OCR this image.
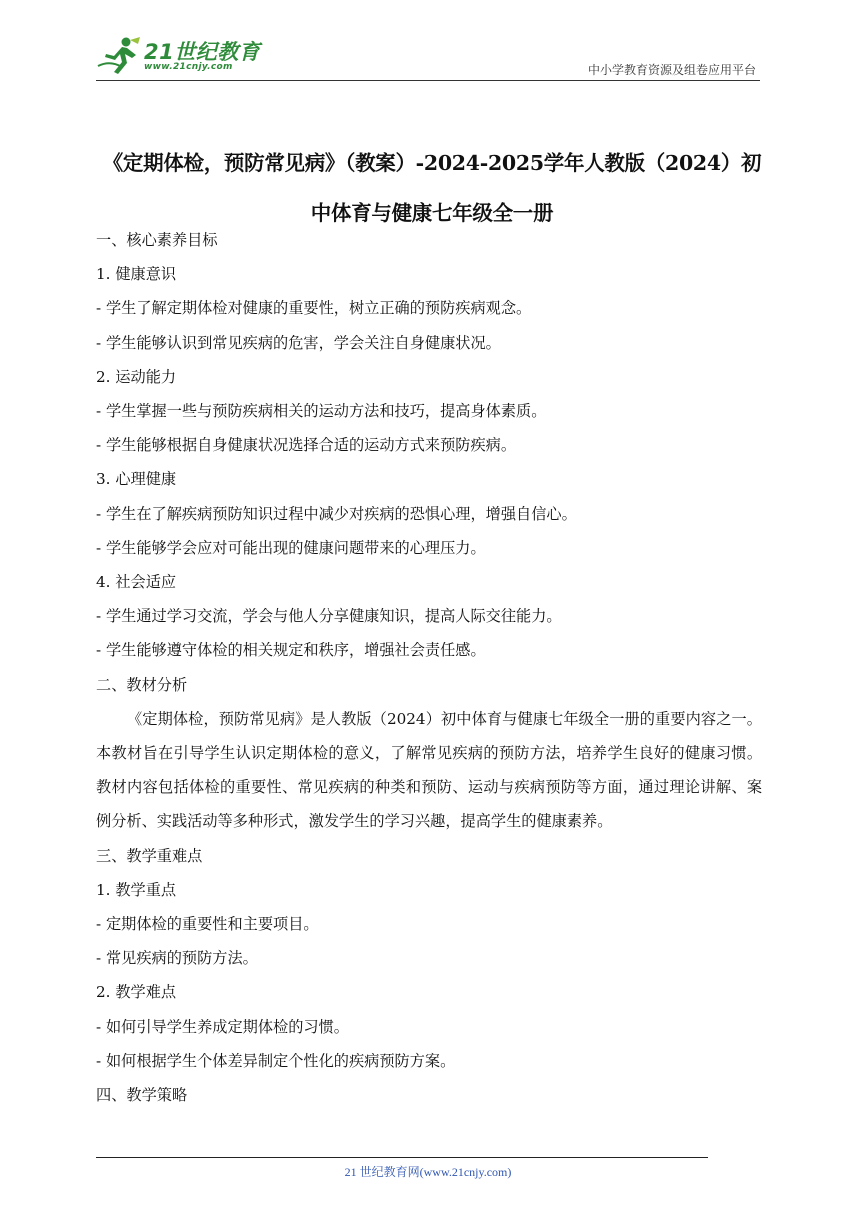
21世纪教育
www.21cnjy.com	中小学教育资源及组卷应用平台
《定期体检，预防常见病》（教案）-2024-2025学年人教版（2024）初中体育与健康七年级全一册
一、核心素养目标
1. 健康意识
- 学生了解定期体检对健康的重要性，树立正确的预防疾病观念。
- 学生能够认识到常见疾病的危害，学会关注自身健康状况。
2. 运动能力
- 学生掌握一些与预防疾病相关的运动方法和技巧，提高身体素质。
- 学生能够根据自身健康状况选择合适的运动方式来预防疾病。
3. 心理健康
- 学生在了解疾病预防知识过程中减少对疾病的恐惧心理，增强自信心。
- 学生能够学会应对可能出现的健康问题带来的心理压力。
4. 社会适应
- 学生通过学习交流，学会与他人分享健康知识，提高人际交往能力。
- 学生能够遵守体检的相关规定和秩序，增强社会责任感。
二、教材分析

《定期体检，预防常见病》是人教版（2024）初中体育与健康七年级全一册的重要内容之一。本教材旨在引导学生认识定期体检的意义，了解常见疾病的预防方法，培养学生良好的健康习惯。教材内容包括体检的重要性、常见疾病的种类和预防、运动与疾病预防等方面，通过理论讲解、案例分析、实践活动等多种形式，激发学生的学习兴趣，提高学生的健康素养。

三、教学重难点
1. 教学重点
- 定期体检的重要性和主要项目。
- 常见疾病的预防方法。
2. 教学难点
- 如何引导学生养成定期体检的习惯。
- 如何根据学生个体差异制定个性化的疾病预防方案。
四、教学策略
21 世纪教育网(www.21cnjy.com)
